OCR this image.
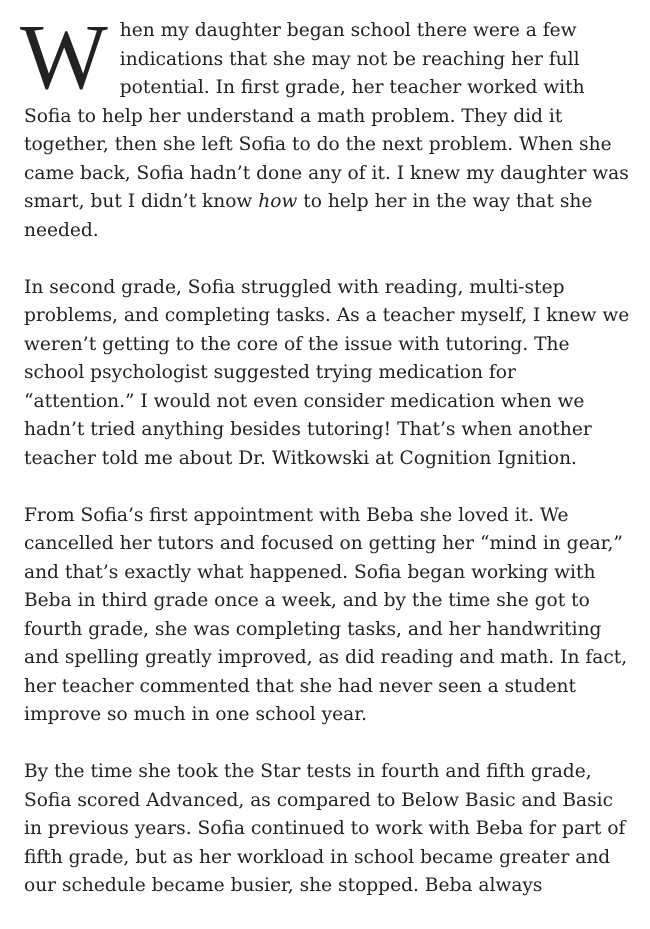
When my daughter began school there were a few indications that she may not be reaching her full potential. In first grade, her teacher worked with Sofia to help her understand a math problem. They did it together, then she left Sofia to do the next problem. When she came back, Sofia hadn’t done any of it. I knew my daughter was smart, but I didn’t know how to help her in the way that she needed.

In second grade, Sofia struggled with reading, multi-step problems, and completing tasks. As a teacher myself, I knew we weren’t getting to the core of the issue with tutoring. The school psychologist suggested trying medication for “attention.” I would not even consider medication when we hadn’t tried anything besides tutoring! That’s when another teacher told me about Dr. Witkowski at Cognition Ignition.

From Sofia’s first appointment with Beba she loved it. We cancelled her tutors and focused on getting her “mind in gear,” and that’s exactly what happened. Sofia began working with Beba in third grade once a week, and by the time she got to fourth grade, she was completing tasks, and her handwriting and spelling greatly improved, as did reading and math. In fact, her teacher commented that she had never seen a student improve so much in one school year.

By the time she took the Star tests in fourth and fifth grade, Sofia scored Advanced, as compared to Below Basic and Basic in previous years. Sofia continued to work with Beba for part of fifth grade, but as her workload in school became greater and our schedule became busier, she stopped. Beba always
